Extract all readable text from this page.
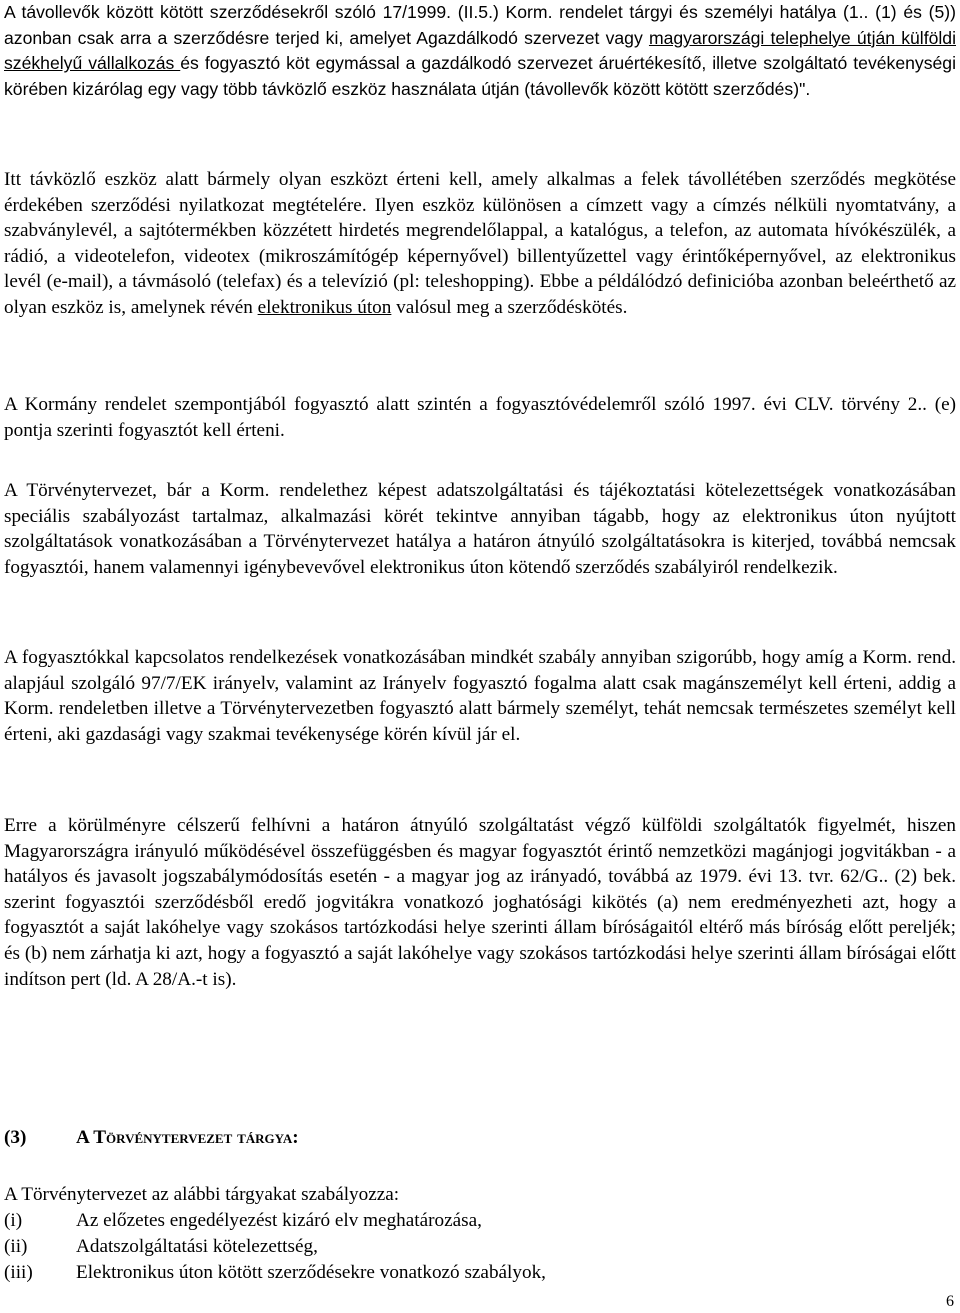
A távollevők között kötött szerződésekről szóló 17/1999. (II.5.) Korm. rendelet tárgyi és személyi hatálya (1.. (1) és (5)) azonban csak arra a szerződésre terjed ki, amelyet Agazdálkodó szervezet vagy magyarországi telephelye útján külföldi székhelyű vállalkozás és fogyasztó köt egymással a gazdálkodó szervezet áruértékesítő, illetve szolgáltató tevékenységi körében kizárólag egy vagy több távközlő eszköz használata útján (távollevők között kötött szerződés)".

Itt távközlő eszköz alatt bármely olyan eszközt érteni kell, amely alkalmas a felek távollétében szerződés megkötése érdekében szerződési nyilatkozat megtételére. Ilyen eszköz különösen a címzett vagy a címzés nélküli nyomtatvány, a szabványlevél, a sajtótermékben közzétett hirdetés megrendelőlappal, a katalógus, a telefon, az automata hívókészülék, a rádió, a videotelefon, videotex (mikroszámítógép képernyővel) billentyűzettel vagy érintőképernyővel, az elektronikus levél (e-mail), a távmásoló (telefax) és a televízió (pl: teleshopping). Ebbe a példálódzó definicióba azonban beleérthető az olyan eszköz is, amelynek révén elektronikus úton valósul meg a szerződéskötés.

A Kormány rendelet szempontjából fogyasztó alatt szintén a fogyasztóvédelemről szóló 1997. évi CLV. törvény 2.. (e) pontja szerinti fogyasztót kell érteni.

A Törvénytervezet, bár a Korm. rendelethez képest adatszolgáltatási és tájékoztatási kötelezettségek vonatkozásában speciális szabályozást tartalmaz, alkalmazási körét tekintve annyiban tágabb, hogy az elektronikus úton nyújtott szolgáltatások vonatkozásában a Törvénytervezet hatálya a határon átnyúló szolgáltatásokra is kiterjed, továbbá nemcsak fogyasztói, hanem valamennyi igénybevevővel elektronikus úton kötendő szerződés szabályiról rendelkezik.

A fogyasztókkal kapcsolatos rendelkezések vonatkozásában mindkét szabály annyiban szigorúbb, hogy amíg a Korm. rend. alapjául szolgáló 97/7/EK irányelv, valamint az Irányelv fogyasztó fogalma alatt csak magánszemélyt kell érteni, addig a Korm. rendeletben illetve a Törvénytervezetben fogyasztó alatt bármely személyt, tehát nemcsak természetes személyt kell érteni, aki gazdasági vagy szakmai tevékenysége körén kívül jár el.

Erre a körülményre célszerű felhívni a határon átnyúló szolgáltatást végző külföldi szolgáltatók figyelmét, hiszen Magyarországra irányuló működésével összefüggésben és magyar fogyasztót érintő nemzetközi magánjogi jogvitákban - a hatályos és javasolt jogszabálymódosítás esetén - a magyar jog az irányadó, továbbá az 1979. évi 13. tvr. 62/G.. (2) bek. szerint fogyasztói szerződésből eredő jogvitákra vonatkozó joghatósági kikötés (a) nem eredményezheti azt, hogy a fogyasztót a saját lakóhelye vagy szokásos tartózkodási helye szerinti állam bíróságaitól eltérő más bíróság előtt pereljék; és (b) nem zárhatja ki azt, hogy a fogyasztó a saját lakóhelye vagy szokásos tartózkodási helye szerinti állam bíróságai előtt indítson pert (ld. A 28/A.-t is).

(3)	A Törvénytervezet tárgya:

A Törvénytervezet az alábbi tárgyakat szabályozza:

(i)	Az előzetes engedélyezést kizáró elv meghatározása,
(ii)	Adatszolgáltatási kötelezettség,
(iii)	Elektronikus úton kötött szerződésekre vonatkozó szabályok,
6
